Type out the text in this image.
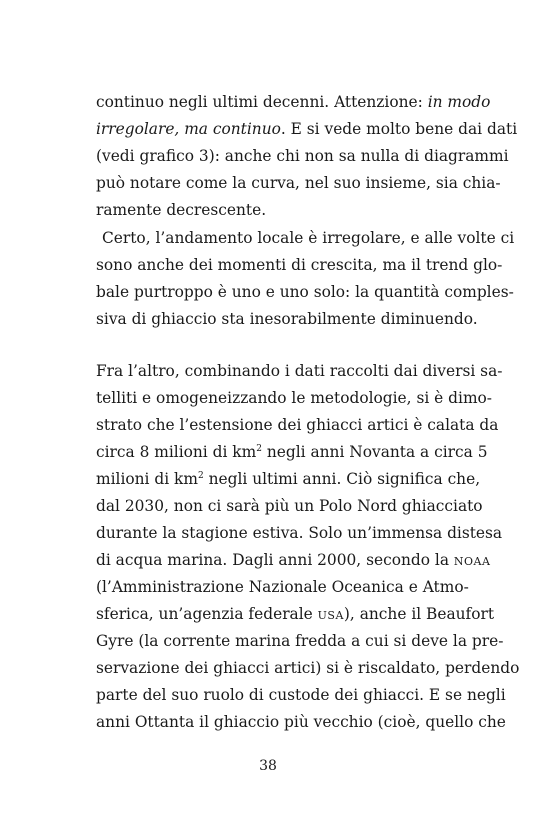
continuo negli ultimi decenni. Attenzione: in modo
irregolare, ma continuo. E si vede molto bene dai dati
(vedi grafico 3): anche chi non sa nulla di diagrammi
può notare come la curva, nel suo insieme, sia chia-
ramente decrescente.
Certo, l’andamento locale è irregolare, e alle volte ci
sono anche dei momenti di crescita, ma il trend glo-
bale purtroppo è uno e uno solo: la quantità comples-
siva di ghiaccio sta inesorabilmente diminuendo.
Fra l’altro, combinando i dati raccolti dai diversi sa-
telliti e omogeneizzando le metodologie, si è dimo-
strato che l’estensione dei ghiacci artici è calata da
circa 8 milioni di $km^2$ negli anni Novanta a circa 5
milioni di $km^2$ negli ultimi anni. Ciò significa che,
dal 2030, non ci sarà più un Polo Nord ghiacciato
durante la stagione estiva. Solo un’immensa distesa
di acqua marina. Dagli anni 2000, secondo la noaa
(l’Amministrazione Nazionale Oceanica e Atmo-
sferica, un’agenzia federale usa), anche il Beaufort
Gyre (la corrente marina fredda a cui si deve la pre-
servazione dei ghiacci artici) si è riscaldato, perdendo
parte del suo ruolo di custode dei ghiacci. E se negli
anni Ottanta il ghiaccio più vecchio (cioè, quello che
38
